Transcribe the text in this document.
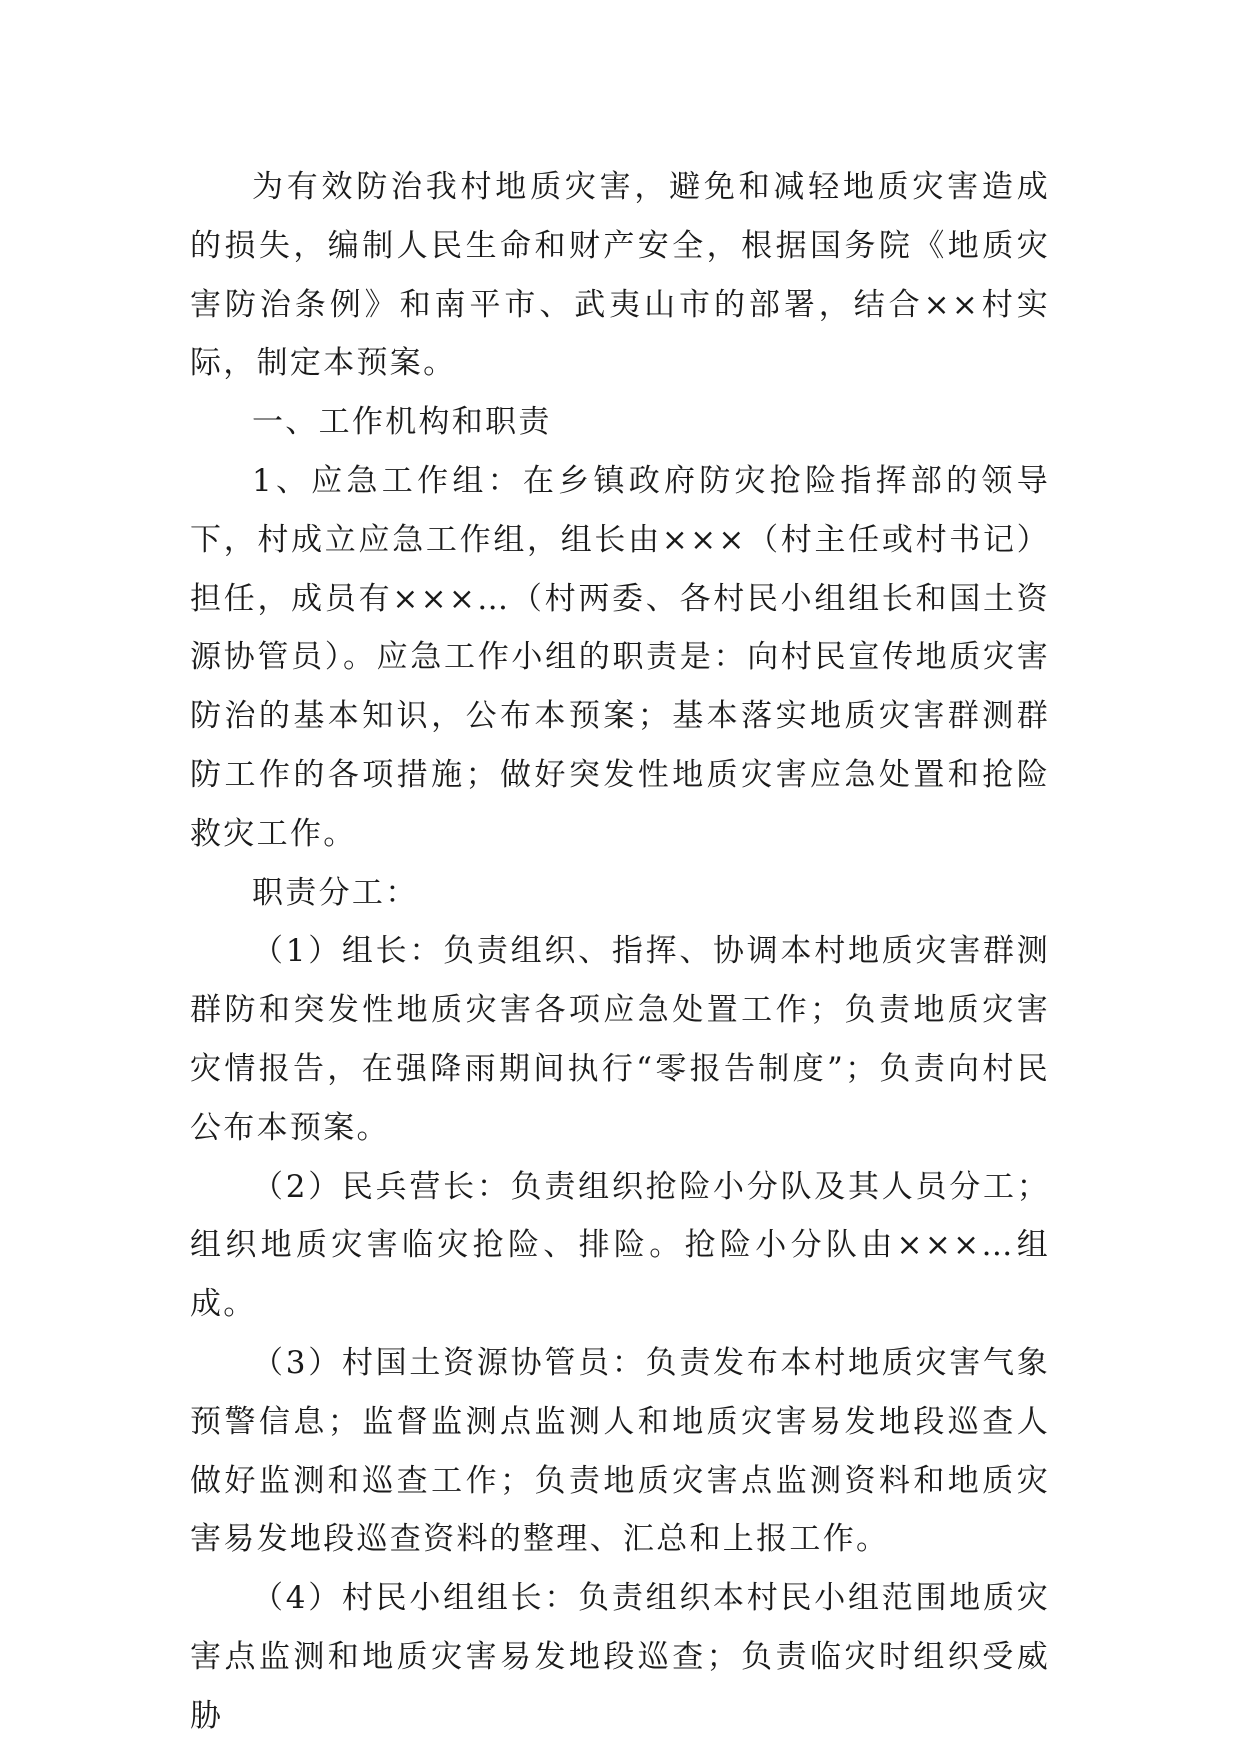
为有效防治我村地质灾害，避免和减轻地质灾害造成的损失，编制人民生命和财产安全，根据国务院《地质灾害防治条例》和南平市、武夷山市的部署，结合××村实际，制定本预案。

一、工作机构和职责

1、应急工作组：在乡镇政府防灾抢险指挥部的领导下，村成立应急工作组，组长由×××（村主任或村书记）担任，成员有×××…（村两委、各村民小组组长和国土资源协管员）。应急工作小组的职责是：向村民宣传地质灾害防治的基本知识，公布本预案；基本落实地质灾害群测群防工作的各项措施；做好突发性地质灾害应急处置和抢险救灾工作。

职责分工：

（1）组长：负责组织、指挥、协调本村地质灾害群测群防和突发性地质灾害各项应急处置工作；负责地质灾害灾情报告，在强降雨期间执行“零报告制度”；负责向村民公布本预案。

（2）民兵营长：负责组织抢险小分队及其人员分工；组织地质灾害临灾抢险、排险。抢险小分队由×××…组成。

（3）村国土资源协管员：负责发布本村地质灾害气象预警信息；监督监测点监测人和地质灾害易发地段巡查人做好监测和巡查工作；负责地质灾害点监测资料和地质灾害易发地段巡查资料的整理、汇总和上报工作。

（4）村民小组组长：负责组织本村民小组范围地质灾害点监测和地质灾害易发地段巡查；负责临灾时组织受威胁
